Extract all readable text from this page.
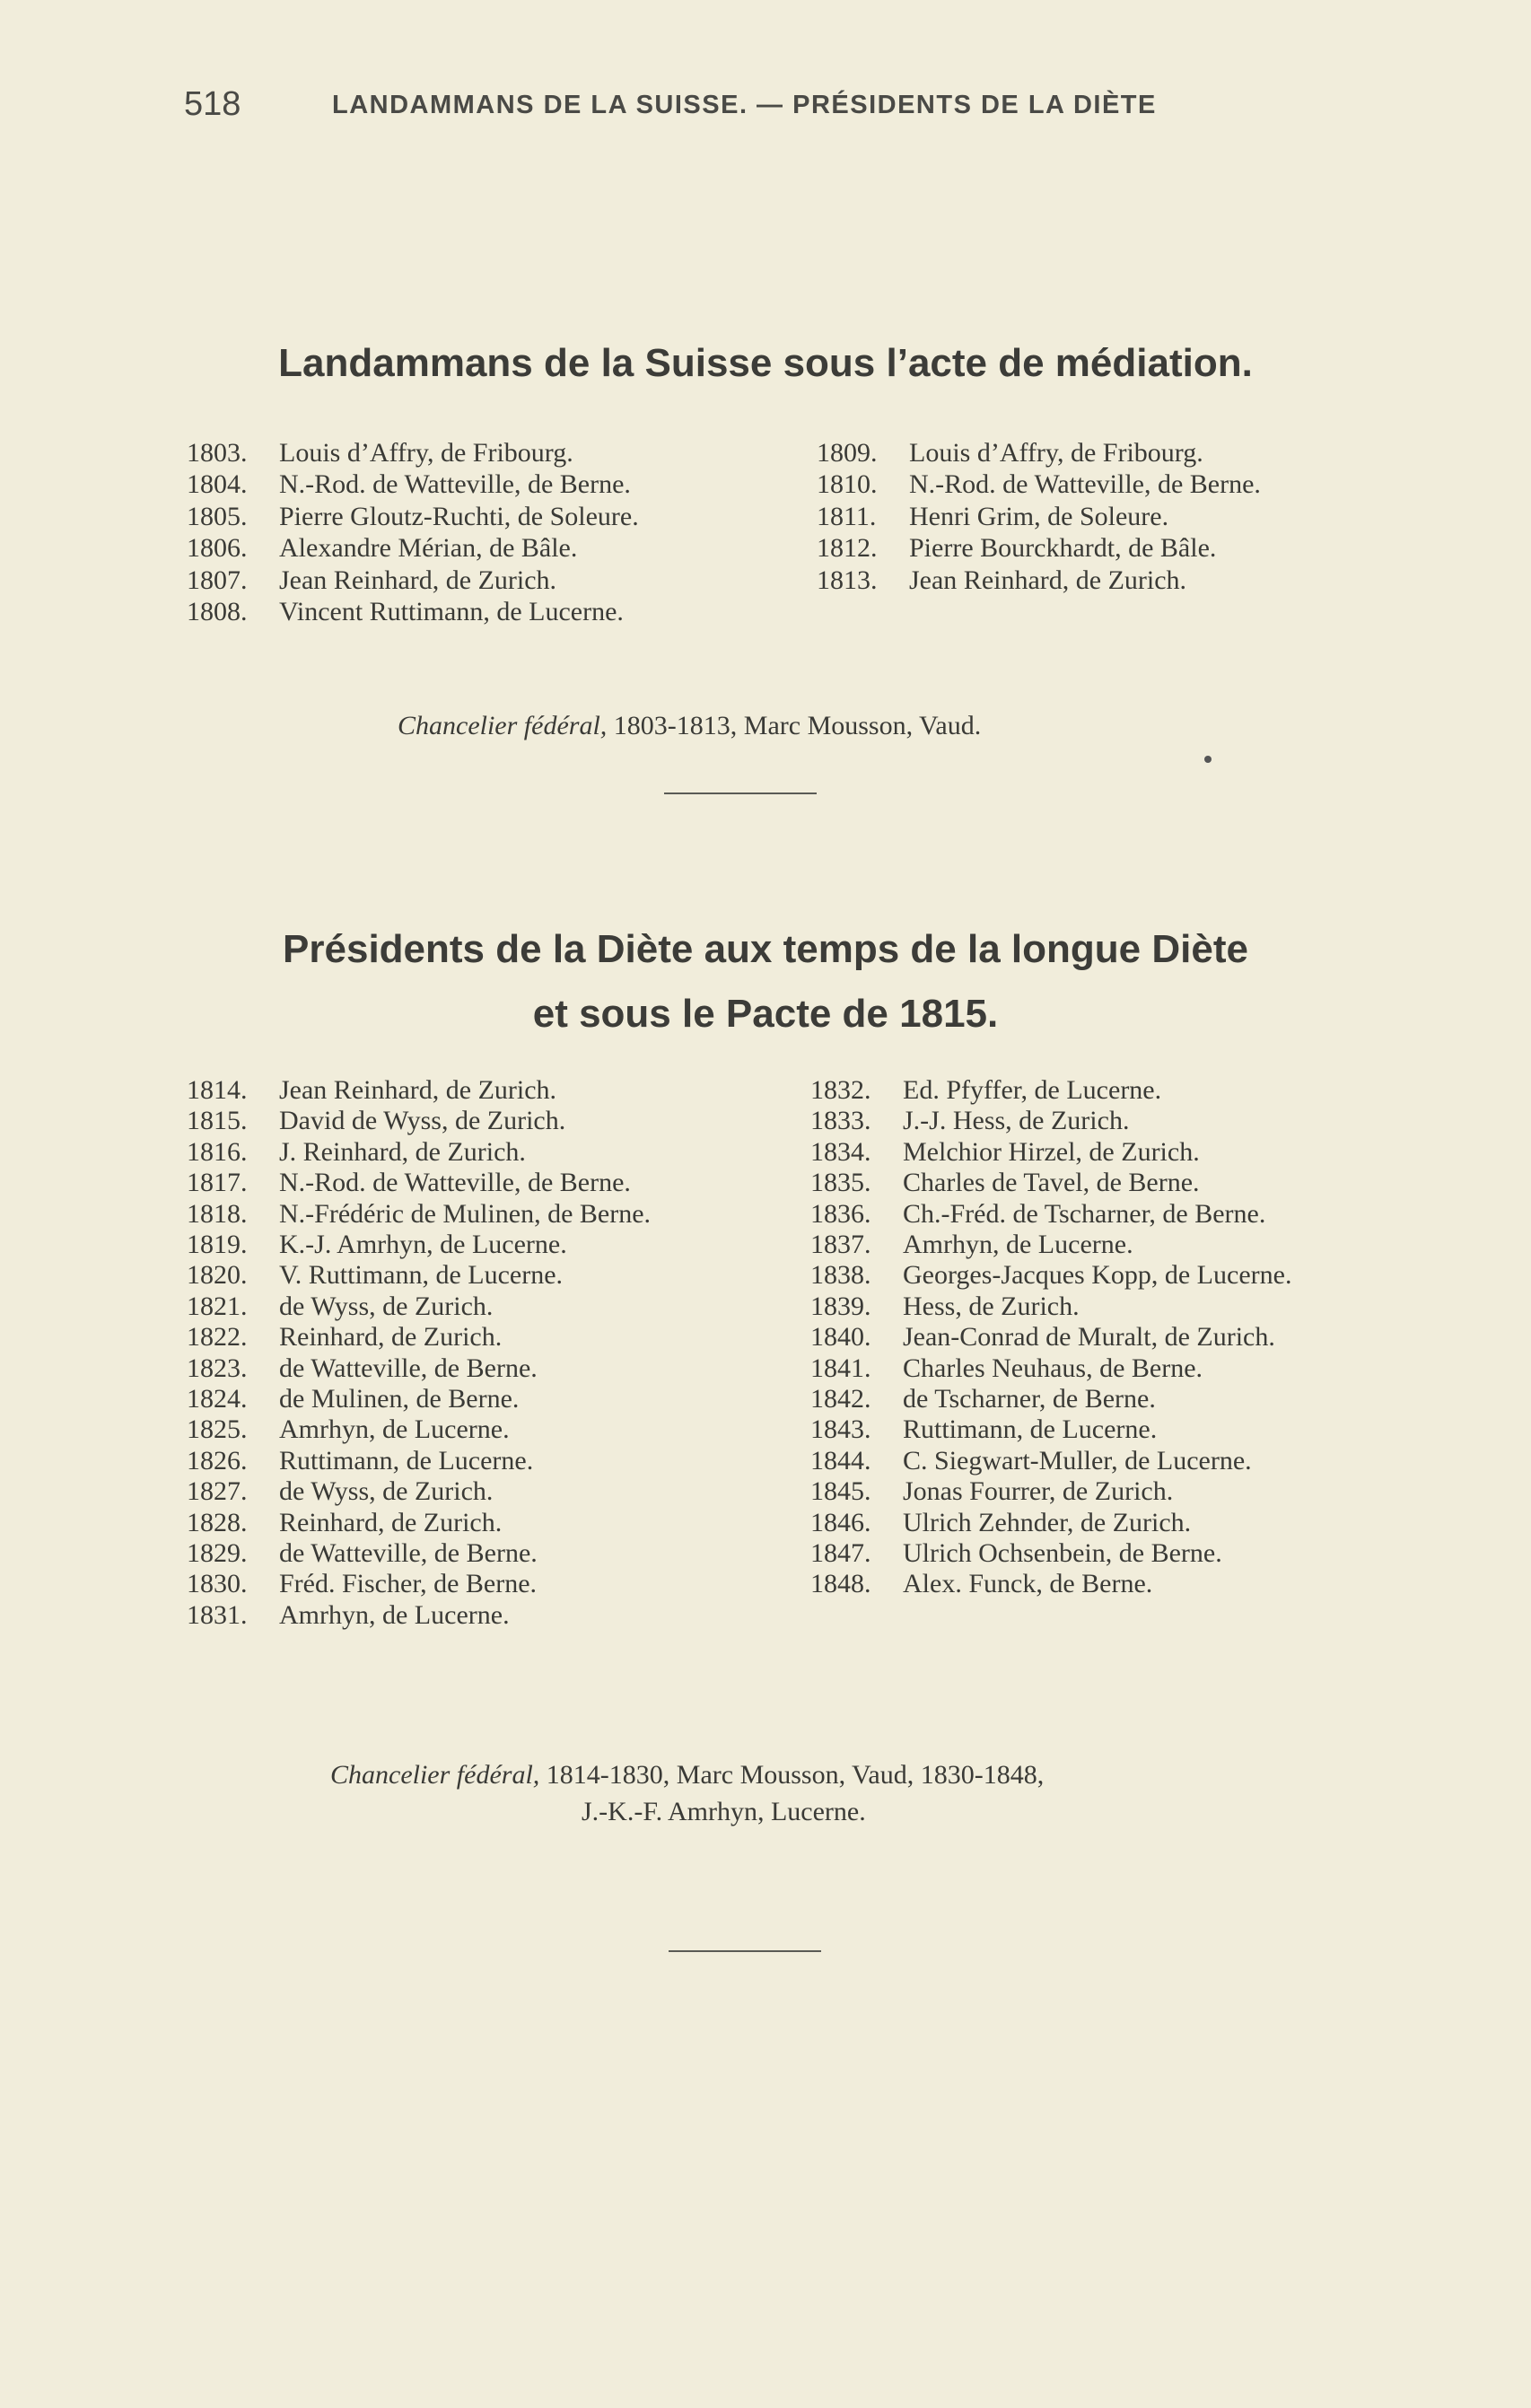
518	LANDAMMANS DE LA SUISSE. — PRÉSIDENTS DE LA DIÈTE
Landammans de la Suisse sous l’acte de médiation.
1803. Louis d’Affry, de Fribourg.
1804. N.-Rod. de Watteville, de Berne.
1805. Pierre Gloutz-Ruchti, de Soleure.
1806. Alexandre Mérian, de Bâle.
1807. Jean Reinhard, de Zurich.
1808. Vincent Ruttimann, de Lucerne.
1809. Louis d’Affry, de Fribourg.
1810. N.-Rod. de Watteville, de Berne.
1811. Henri Grim, de Soleure.
1812. Pierre Bourckhardt, de Bâle.
1813. Jean Reinhard, de Zurich.
Chancelier fédéral, 1803-1813, Marc Mousson, Vaud.
Présidents de la Diète aux temps de la longue Diète
et sous le Pacte de 1815.
1814. Jean Reinhard, de Zurich.
1815. David de Wyss, de Zurich.
1816. J. Reinhard, de Zurich.
1817. N.-Rod. de Watteville, de Berne.
1818. N.-Frédéric de Mulinen, de Berne.
1819. K.-J. Amrhyn, de Lucerne.
1820. V. Ruttimann, de Lucerne.
1821. de Wyss, de Zurich.
1822. Reinhard, de Zurich.
1823. de Watteville, de Berne.
1824. de Mulinen, de Berne.
1825. Amrhyn, de Lucerne.
1826. Ruttimann, de Lucerne.
1827. de Wyss, de Zurich.
1828. Reinhard, de Zurich.
1829. de Watteville, de Berne.
1830. Fréd. Fischer, de Berne.
1831. Amrhyn, de Lucerne.
1832. Ed. Pfyffer, de Lucerne.
1833. J.-J. Hess, de Zurich.
1834. Melchior Hirzel, de Zurich.
1835. Charles de Tavel, de Berne.
1836. Ch.-Fréd. de Tscharner, de Berne.
1837. Amrhyn, de Lucerne.
1838. Georges-Jacques Kopp, de Lucerne.
1839. Hess, de Zurich.
1840. Jean-Conrad de Muralt, de Zurich.
1841. Charles Neuhaus, de Berne.
1842. de Tscharner, de Berne.
1843. Ruttimann, de Lucerne.
1844. C. Siegwart-Muller, de Lucerne.
1845. Jonas Fourrer, de Zurich.
1846. Ulrich Zehnder, de Zurich.
1847. Ulrich Ochsenbein, de Berne.
1848. Alex. Funck, de Berne.
Chancelier fédéral, 1814-1830, Marc Mousson, Vaud, 1830-1848,
J.-K.-F. Amrhyn, Lucerne.
